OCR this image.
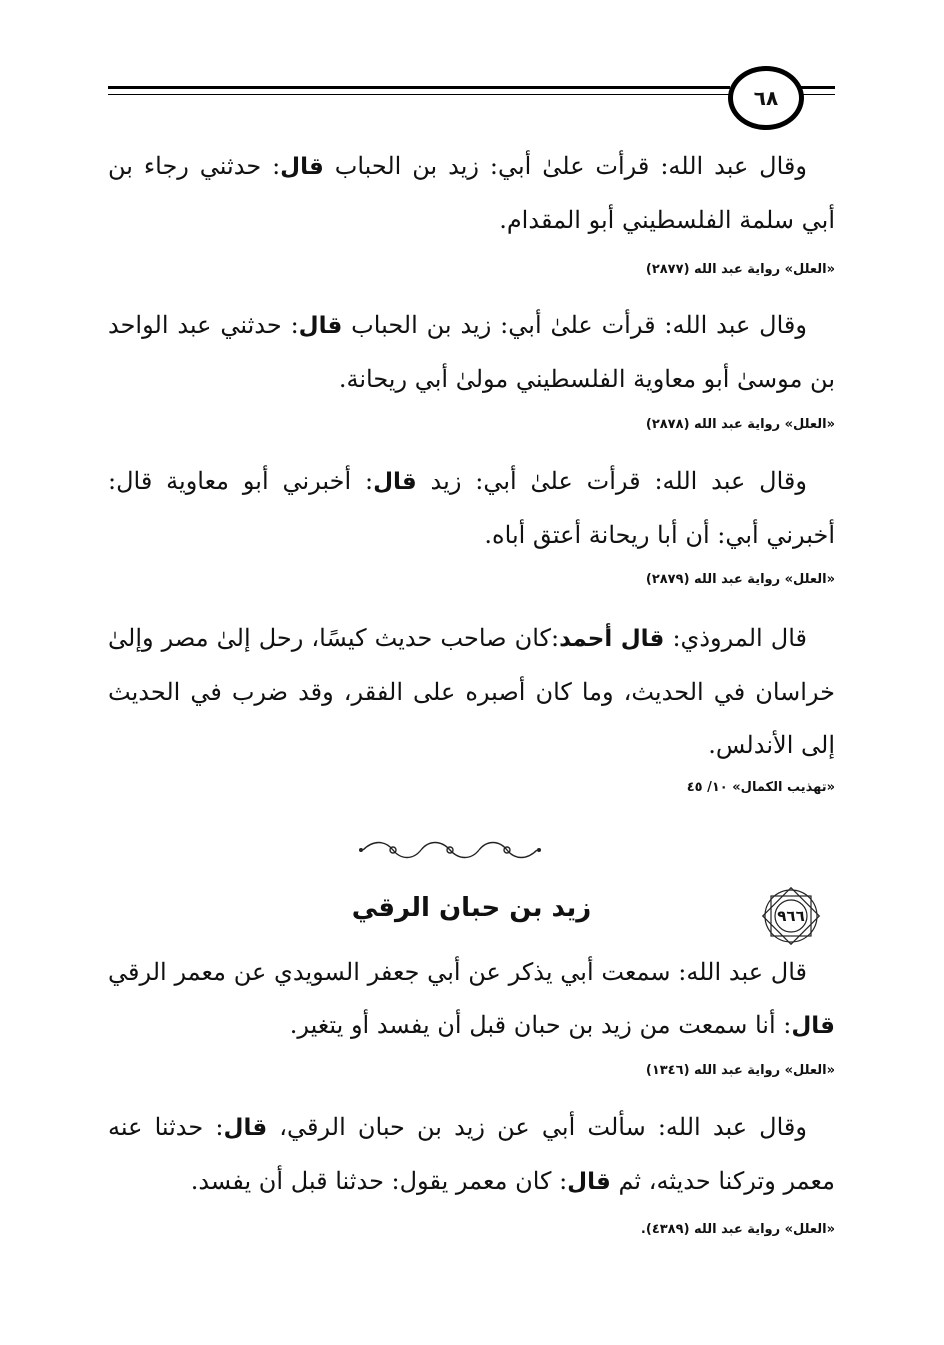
٦٨
وقال عبد الله: قرأت علىٰ أبي: زيد بن الحباب قال: حدثني رجاء بن أبي سلمة الفلسطيني أبو المقدام.
«العلل» رواية عبد الله (٢٨٧٧)
وقال عبد الله: قرأت علىٰ أبي: زيد بن الحباب قال: حدثني عبد الواحد بن موسىٰ أبو معاوية الفلسطيني مولىٰ أبي ريحانة.
«العلل» رواية عبد الله (٢٨٧٨)
وقال عبد الله: قرأت علىٰ أبي: زيد قال: أخبرني أبو معاوية قال: أخبرني أبي: أن أبا ريحانة أعتق أباه.
«العلل» رواية عبد الله (٢٨٧٩)
قال المروذي: قال أحمد:كان صاحب حديث كيسًا، رحل إلىٰ مصر وإلىٰ خراسان في الحديث، وما كان أصبره على الفقر، وقد ضرب في الحديث إلى الأندلس.
«تهذيب الكمال» ١٠/ ٤٥
٩٦٦
زيد بن حبان الرقي
قال عبد الله: سمعت أبي يذكر عن أبي جعفر السويدي عن معمر الرقي قال: أنا سمعت من زيد بن حبان قبل أن يفسد أو يتغير.
«العلل» رواية عبد الله (١٣٤٦)
وقال عبد الله: سألت أبي عن زيد بن حبان الرقي، قال: حدثنا عنه معمر وتركنا حديثه، ثم قال: كان معمر يقول: حدثنا قبل أن يفسد.
«العلل» رواية عبد الله (٤٣٨٩).
